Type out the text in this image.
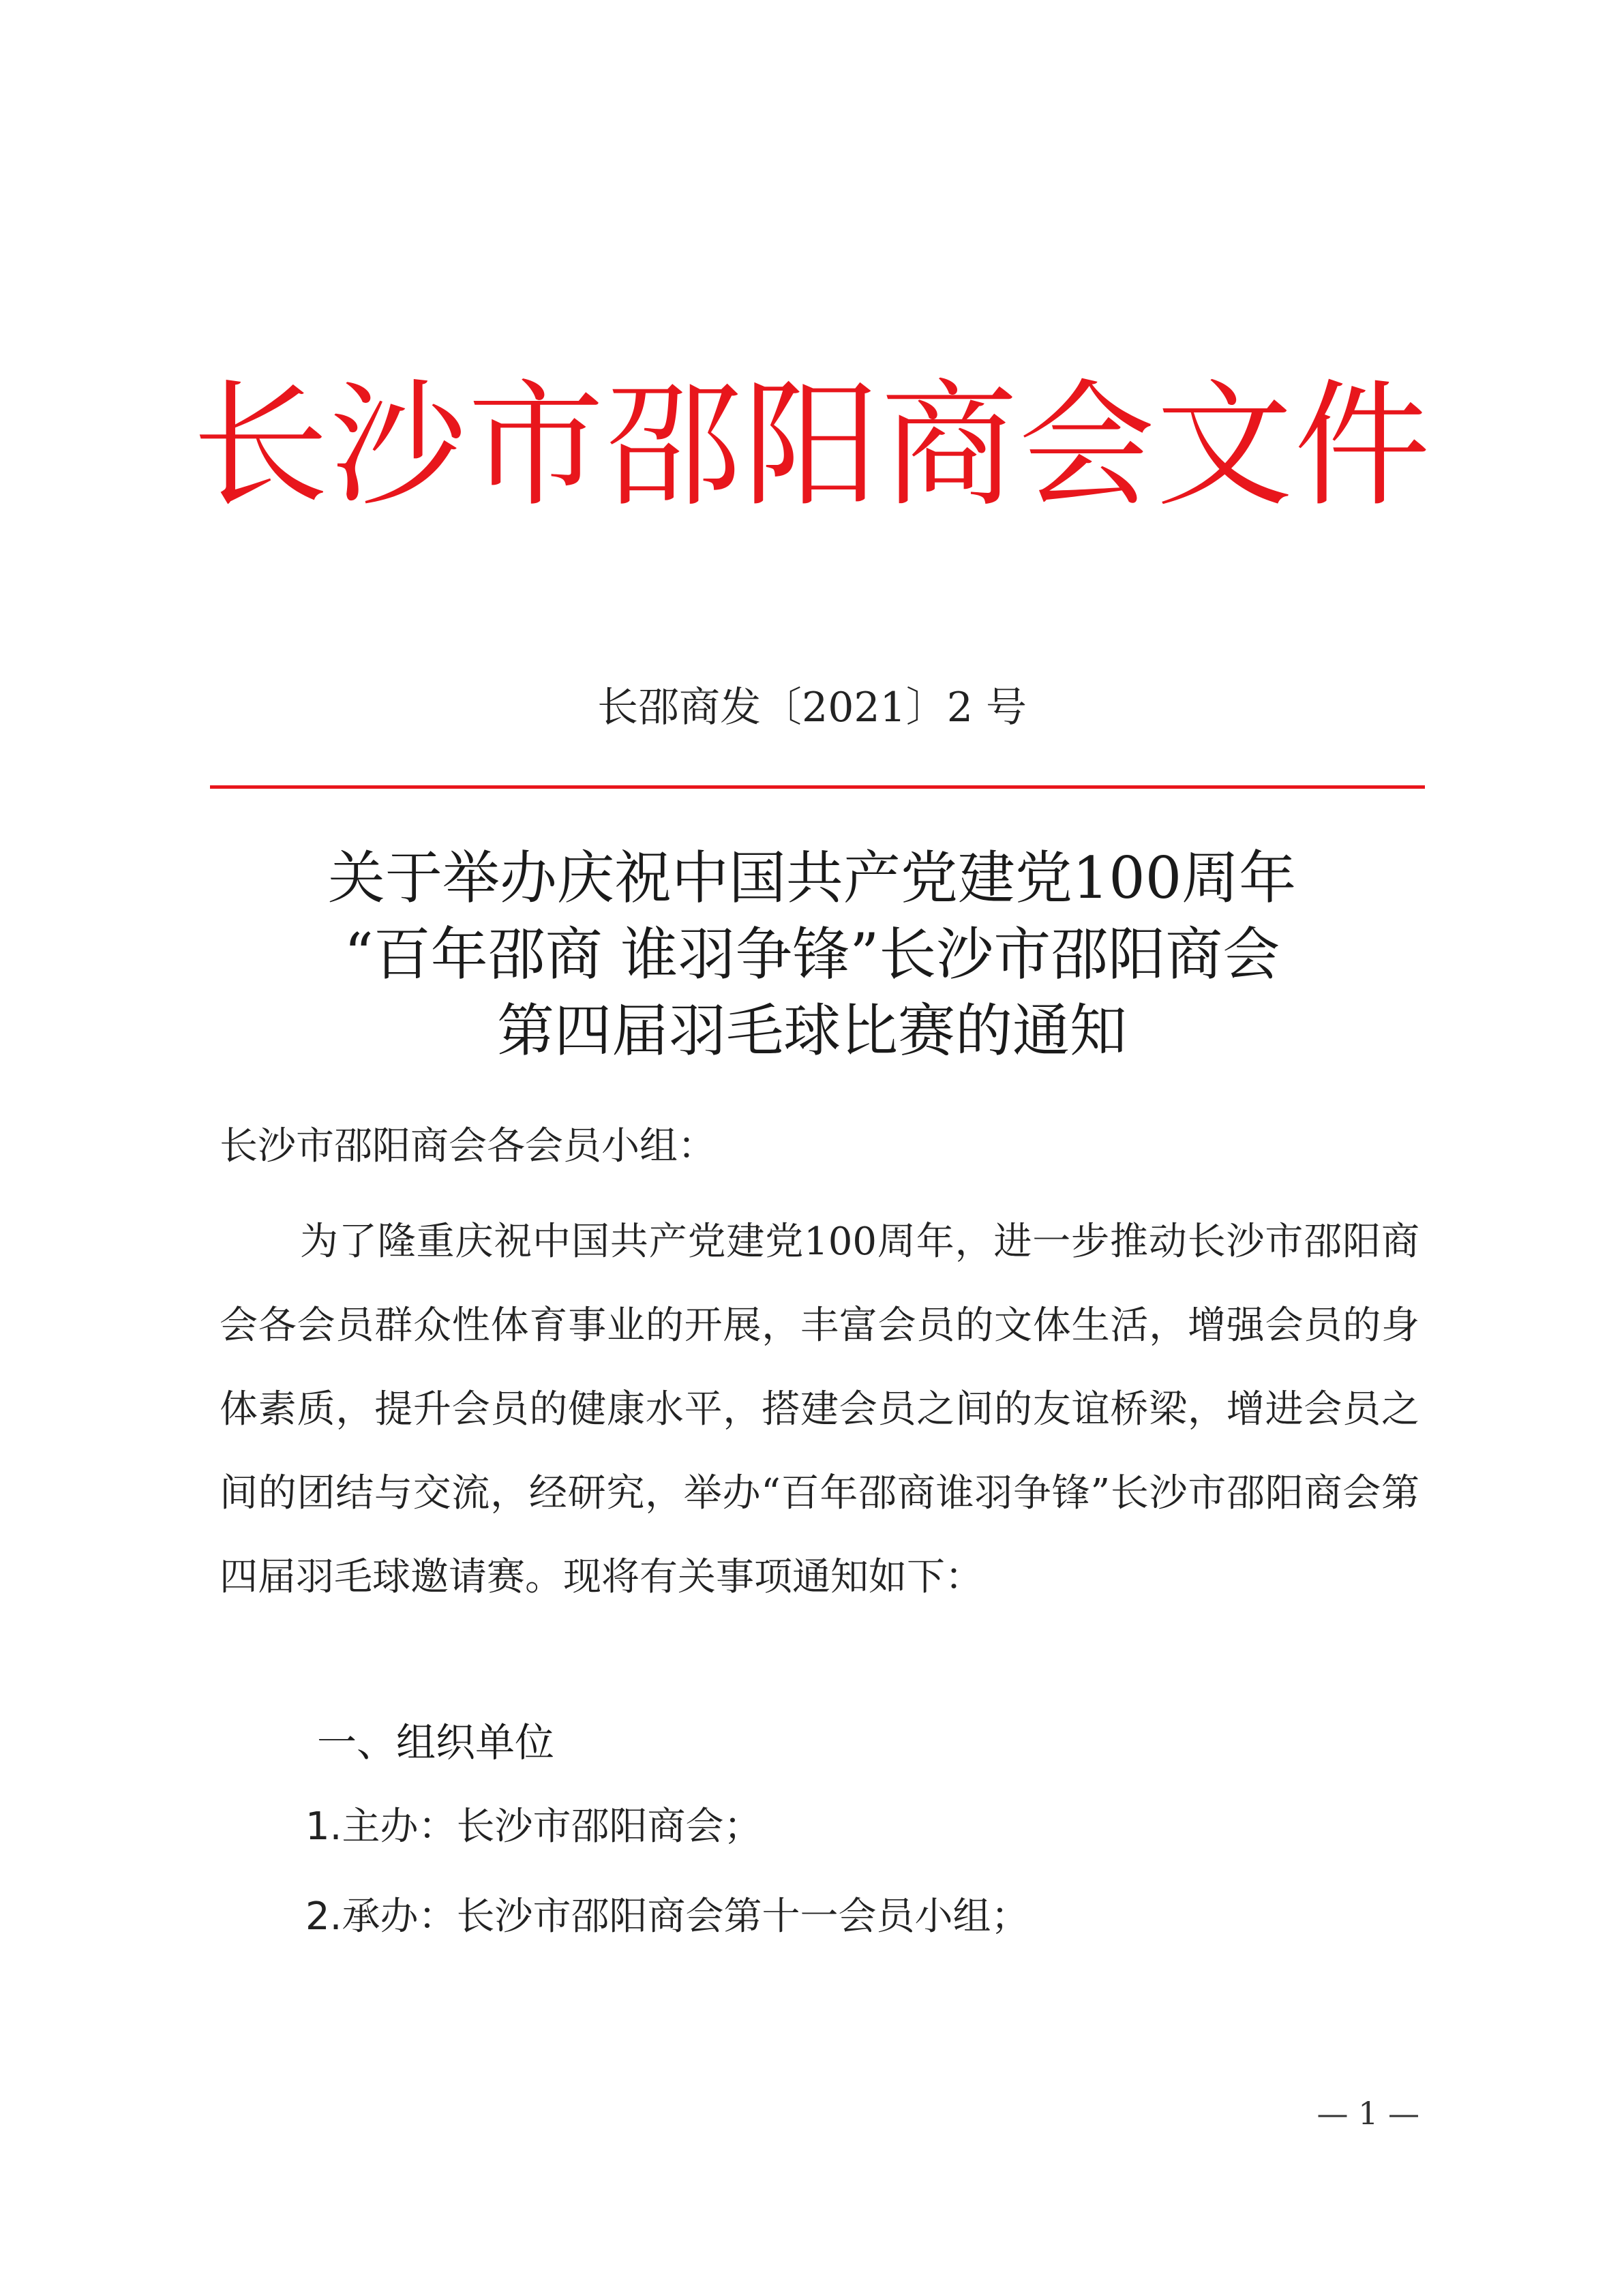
长沙市邵阳商会文件
长邵商发〔2021〕2 号
关于举办庆祝中国共产党建党100周年
“百年邵商 谁羽争锋”长沙市邵阳商会
第四届羽毛球比赛的通知
长沙市邵阳商会各会员小组：
为了隆重庆祝中国共产党建党100周年，进一步推动长沙市邵阳商会各会员群众性体育事业的开展，丰富会员的文体生活，增强会员的身体素质，提升会员的健康水平，搭建会员之间的友谊桥梁，增进会员之间的团结与交流，经研究，举办“百年邵商谁羽争锋”长沙市邵阳商会第四届羽毛球邀请赛。现将有关事项通知如下：
一、组织单位
1.主办：长沙市邵阳商会；
2.承办：长沙市邵阳商会第十一会员小组；
— 1 —
